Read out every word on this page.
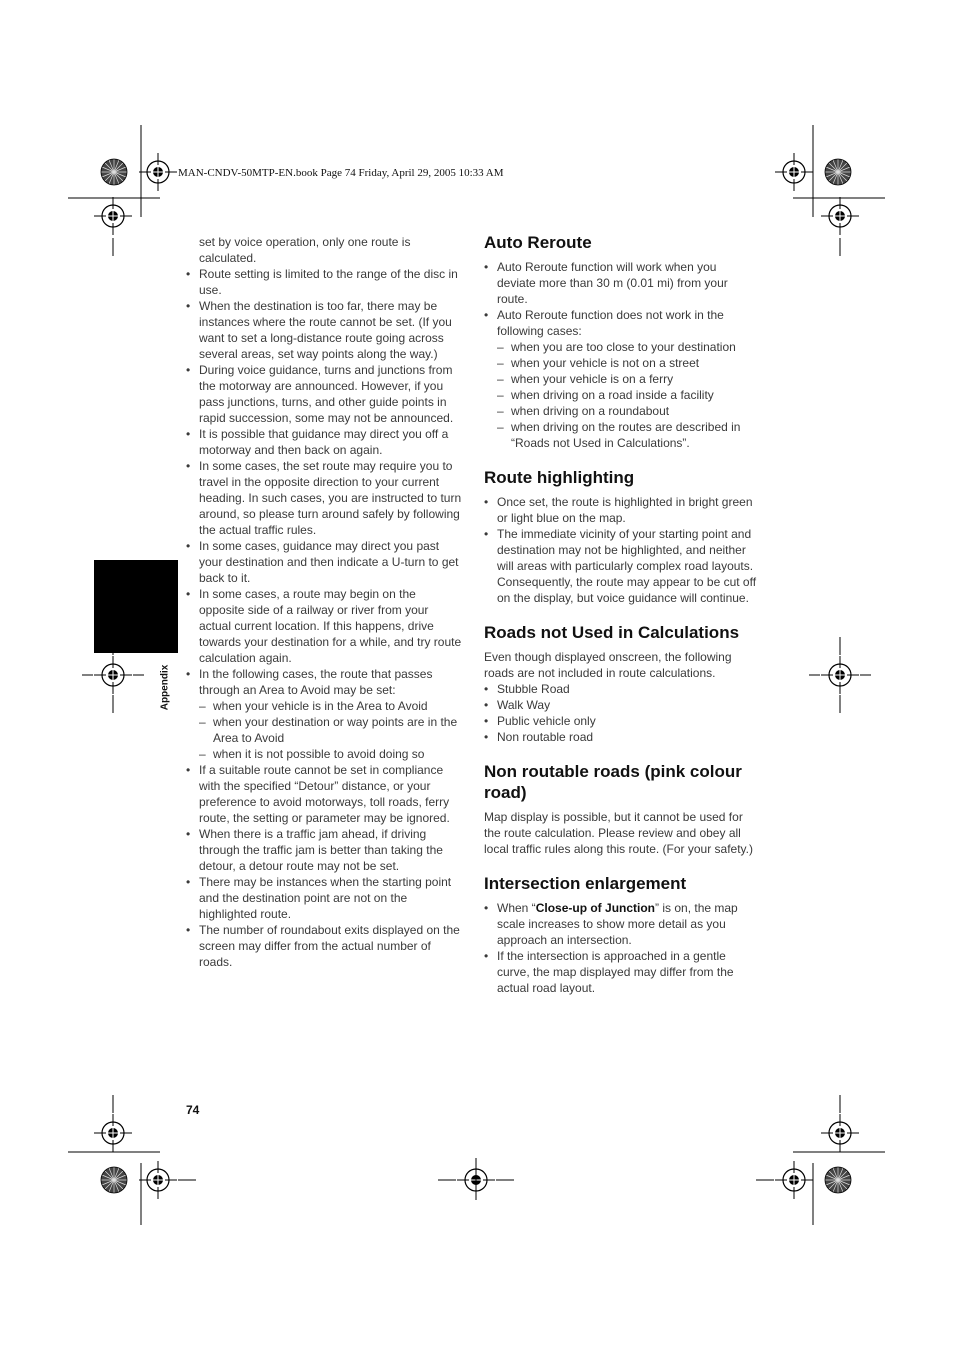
MAN-CNDV-50MTP-EN.book Page 74 Friday, April 29, 2005 10:33 AM
Appendix
74

set by voice operation, only one route is calculated.

• Route setting is limited to the range of the disc in use.
• When the destination is too far, there may be instances where the route cannot be set. (If you want to set a long-distance route going across several areas, set way points along the way.)
• During voice guidance, turns and junctions from the motorway are announced. However, if you pass junctions, turns, and other guide points in rapid succession, some may not be announced.
• It is possible that guidance may direct you off a motorway and then back on again.
• In some cases, the set route may require you to travel in the opposite direction to your current heading. In such cases, you are instructed to turn around, so please turn around safely by following the actual traffic rules.
• In some cases, guidance may direct you past your destination and then indicate a U-turn to get back to it.
• In some cases, a route may begin on the opposite side of a railway or river from your actual current location. If this happens, drive towards your destination for a while, and try route calculation again.
• In the following cases, the route that passes through an Area to Avoid may be set:
– when your vehicle is in the Area to Avoid
– when your destination or way points are in the Area to Avoid
– when it is not possible to avoid doing so
• If a suitable route cannot be set in compliance with the specified “Detour” distance, or your preference to avoid motorways, toll roads, ferry route, the setting or parameter may be ignored.
• When there is a traffic jam ahead, if driving through the traffic jam is better than taking the detour, a detour route may not be set.
• There may be instances when the starting point and the destination point are not on the highlighted route.
• The number of roundabout exits displayed on the screen may differ from the actual number of roads.
Auto Reroute
• Auto Reroute function will work when you deviate more than 30 m (0.01 mi) from your route.
• Auto Reroute function does not work in the following cases:
– when you are too close to your destination
– when your vehicle is not on a street
– when your vehicle is on a ferry
– when driving on a road inside a facility
– when driving on a roundabout
– when driving on the routes are described in “Roads not Used in Calculations”.
Route highlighting
• Once set, the route is highlighted in bright green or light blue on the map.
• The immediate vicinity of your starting point and destination may not be highlighted, and neither will areas with particularly complex road layouts. Consequently, the route may appear to be cut off on the display, but voice guidance will continue.
Roads not Used in Calculations

Even though displayed onscreen, the following roads are not included in route calculations.

• Stubble Road
• Walk Way
• Public vehicle only
• Non routable road
Non routable roads (pink colour road)

Map display is possible, but it cannot be used for the route calculation. Please review and obey all local traffic rules along this route. (For your safety.)

Intersection enlargement
• When “Close-up of Junction” is on, the map scale increases to show more detail as you approach an intersection.
• If the intersection is approached in a gentle curve, the map displayed may differ from the actual road layout.
